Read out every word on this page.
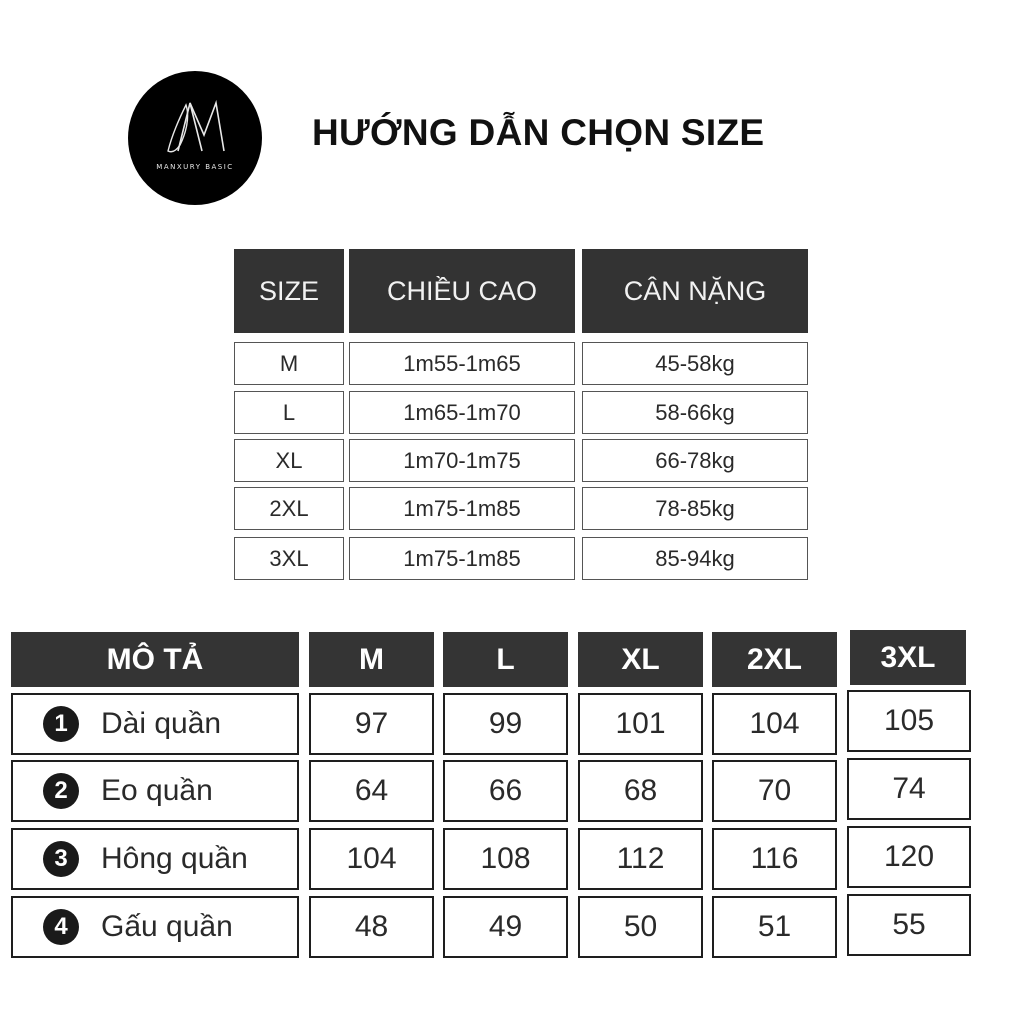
MANXURY BASIC
HƯỚNG DẪN CHỌN SIZE
SIZE	CHIỀU CAO	CÂN NẶNG
M	1m55-1m65	45-58kg
L	1m65-1m70	58-66kg
XL	1m70-1m75	66-78kg
2XL	1m75-1m85	78-85kg
3XL	1m75-1m85	85-94kg
MÔ TẢ	M	L	XL	2XL	3XL
1	Dài quần	97	99	101	104	105
2	Eo quần	64	66	68	70	74
3	Hông quần	104	108	112	116	120
4	Gấu quần	48	49	50	51	55
